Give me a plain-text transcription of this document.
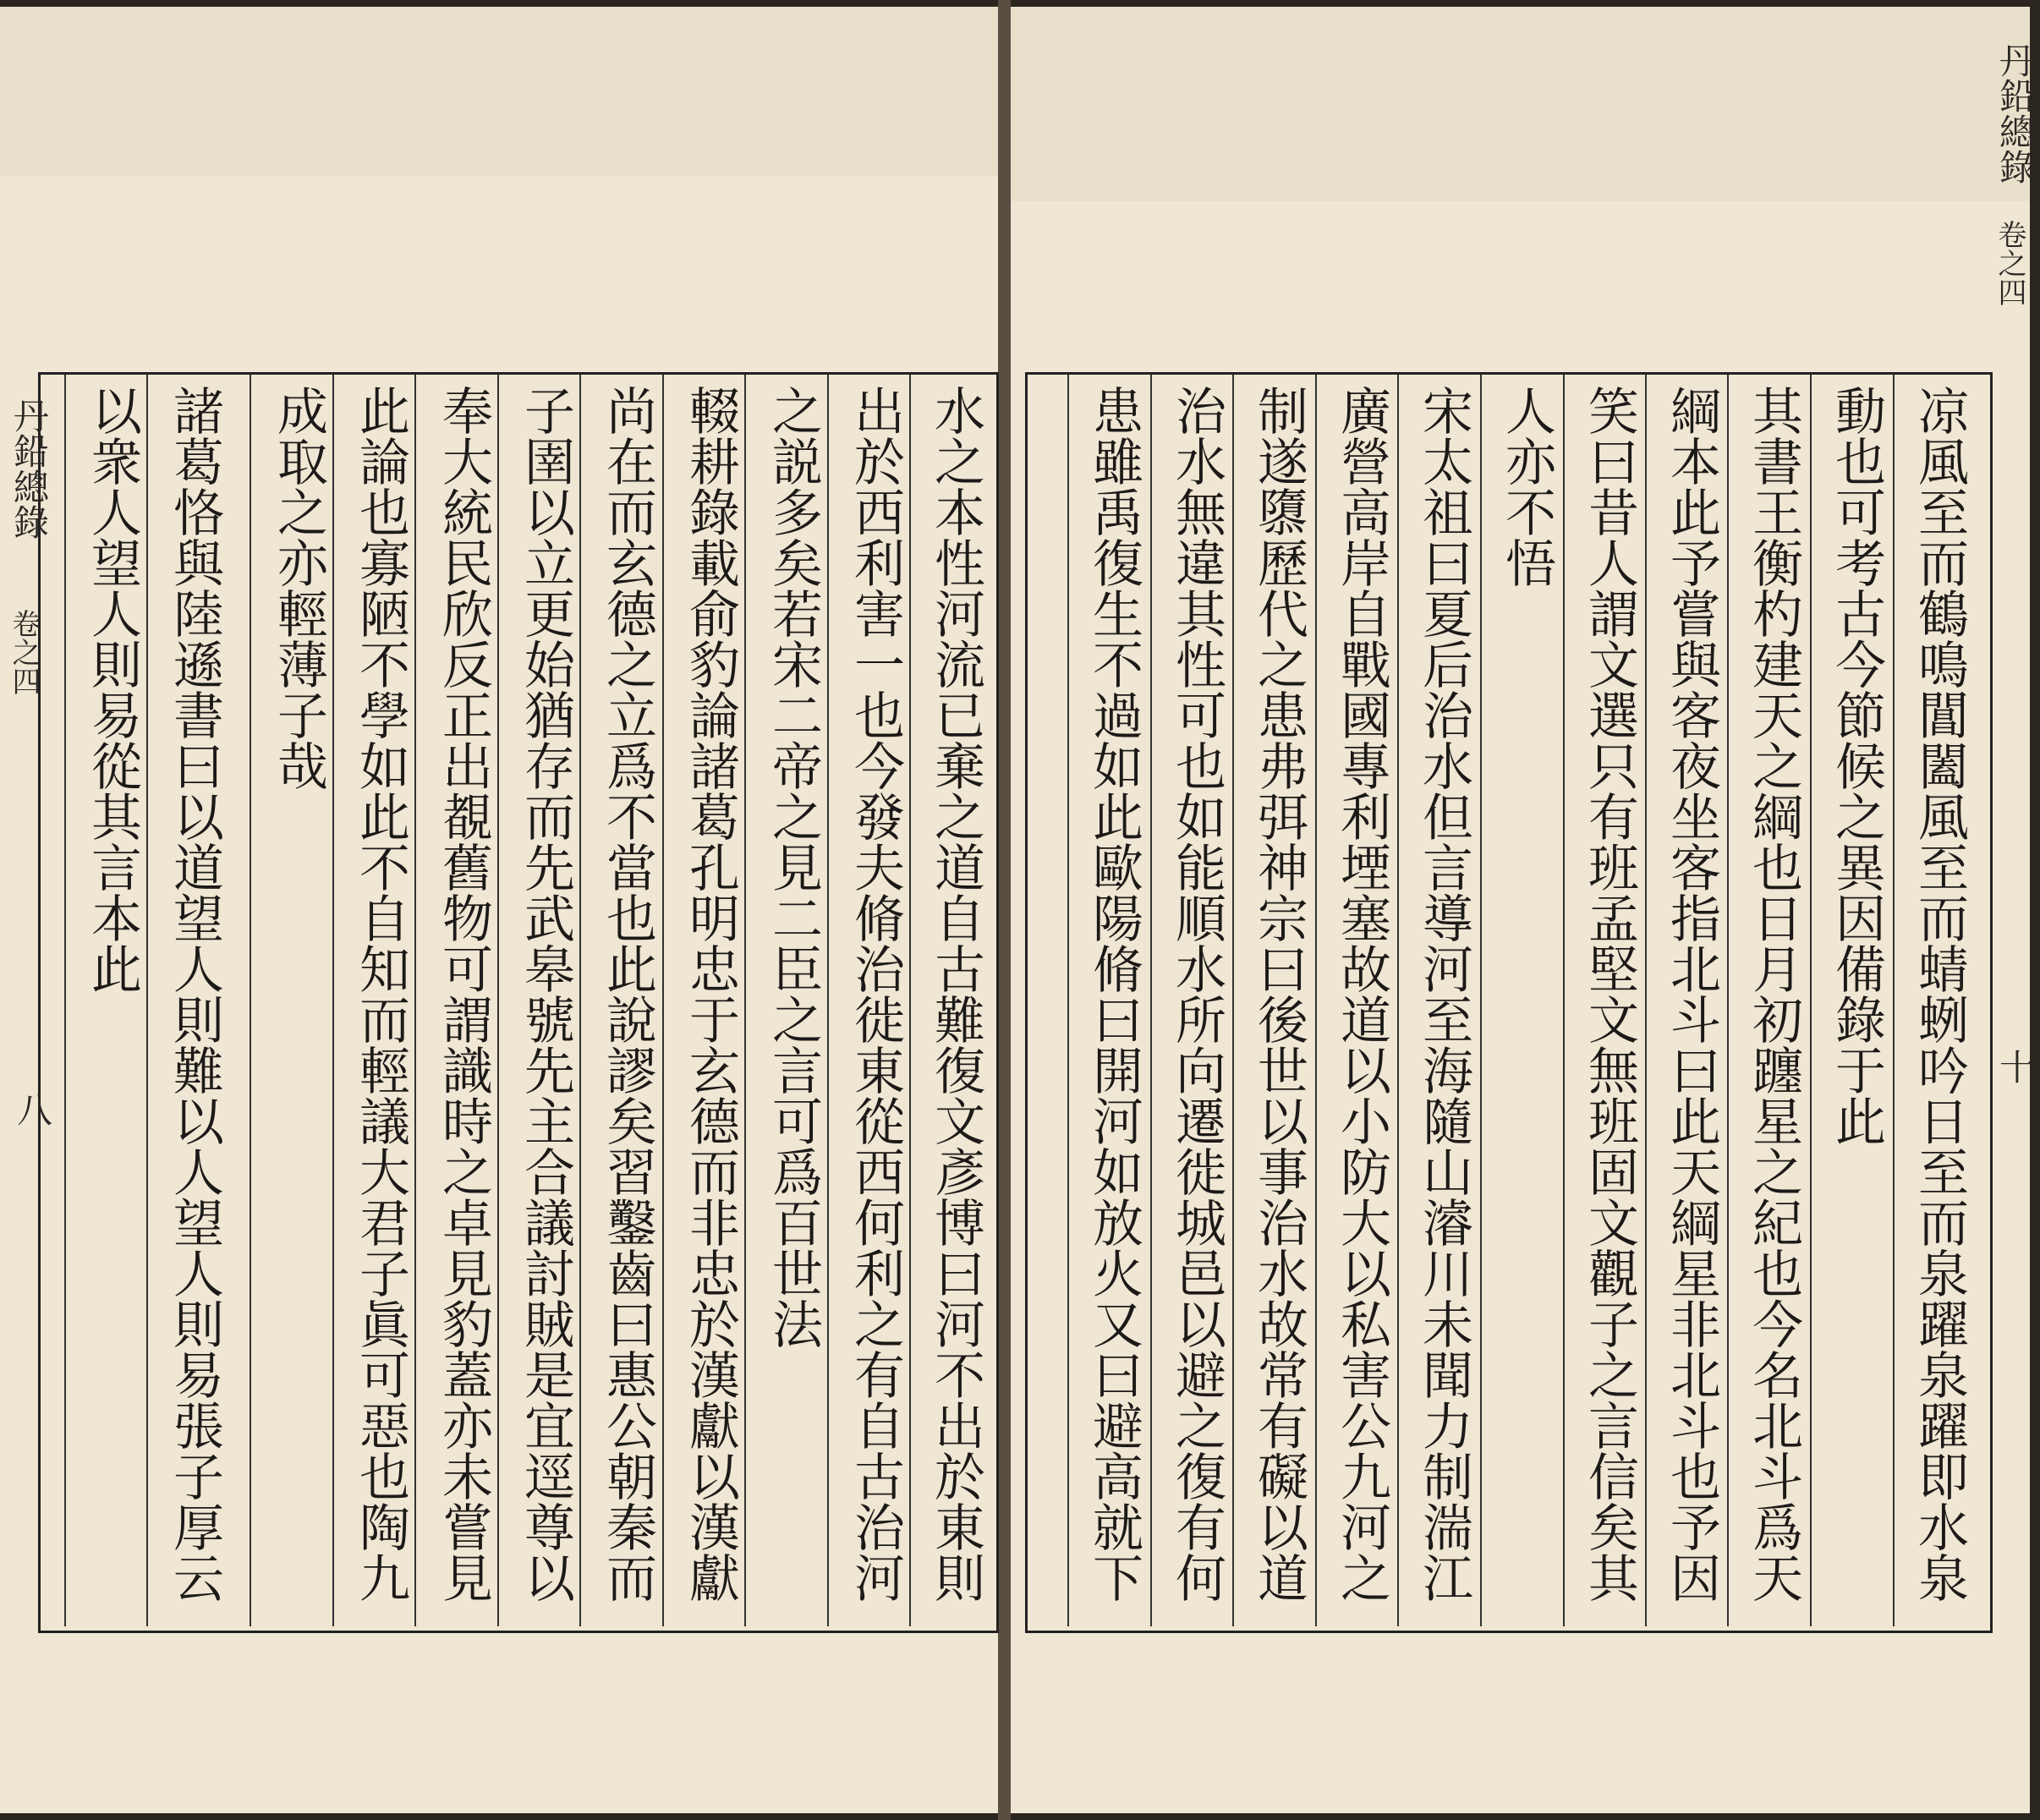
丹鉛總錄
卷之四
八
丹鉛總錄
卷之四
十
水之本性河流已棄之道自古難復文彥博曰河不出於東則
出於西利害一也今發夫脩治徙東從西何利之有自古治河
之説多矣若宋二帝之見二臣之言可爲百世法
輟耕錄載俞豹論諸葛孔明忠于玄德而非忠於漢獻以漢獻
尚在而玄德之立爲不當也此說謬矣習鑿齒曰惠公朝秦而
子圉以立更始猶存而先武皋號先主合議討賊是宜逕尊以
奉大統民欣反正出覩舊物可謂識時之卓見豹蓋亦未嘗見
此論也寡陋不學如此不自知而輕議大君子眞可惡也陶九
成取之亦輕薄子哉
諸葛恪與陸遜書曰以道望人則難以人望人則易張子厚云
以衆人望人則易從其言本此	凉風至而鶴鳴閶闔風至而蜻蛚吟日至而泉躍泉躍即水泉
動也可考古今節候之異因備錄于此
其書王衡杓建天之綱也日月初躔星之紀也今名北斗爲天
綱本此予嘗與客夜坐客指北斗曰此天綱星非北斗也予因
笑曰昔人謂文選只有班孟堅文無班固文觀子之言信矣其
人亦不悟
宋太祖曰夏后治水但言導河至海隨山濬川未聞力制湍江
廣營高岸自戰國專利堙塞故道以小防大以私害公九河之
制遂隳歷代之患弗弭神宗曰後世以事治水故常有礙以道
治水無違其性可也如能順水所向遷徙城邑以避之復有何
患雖禹復生不過如此歐陽脩曰開河如放火又曰避高就下
